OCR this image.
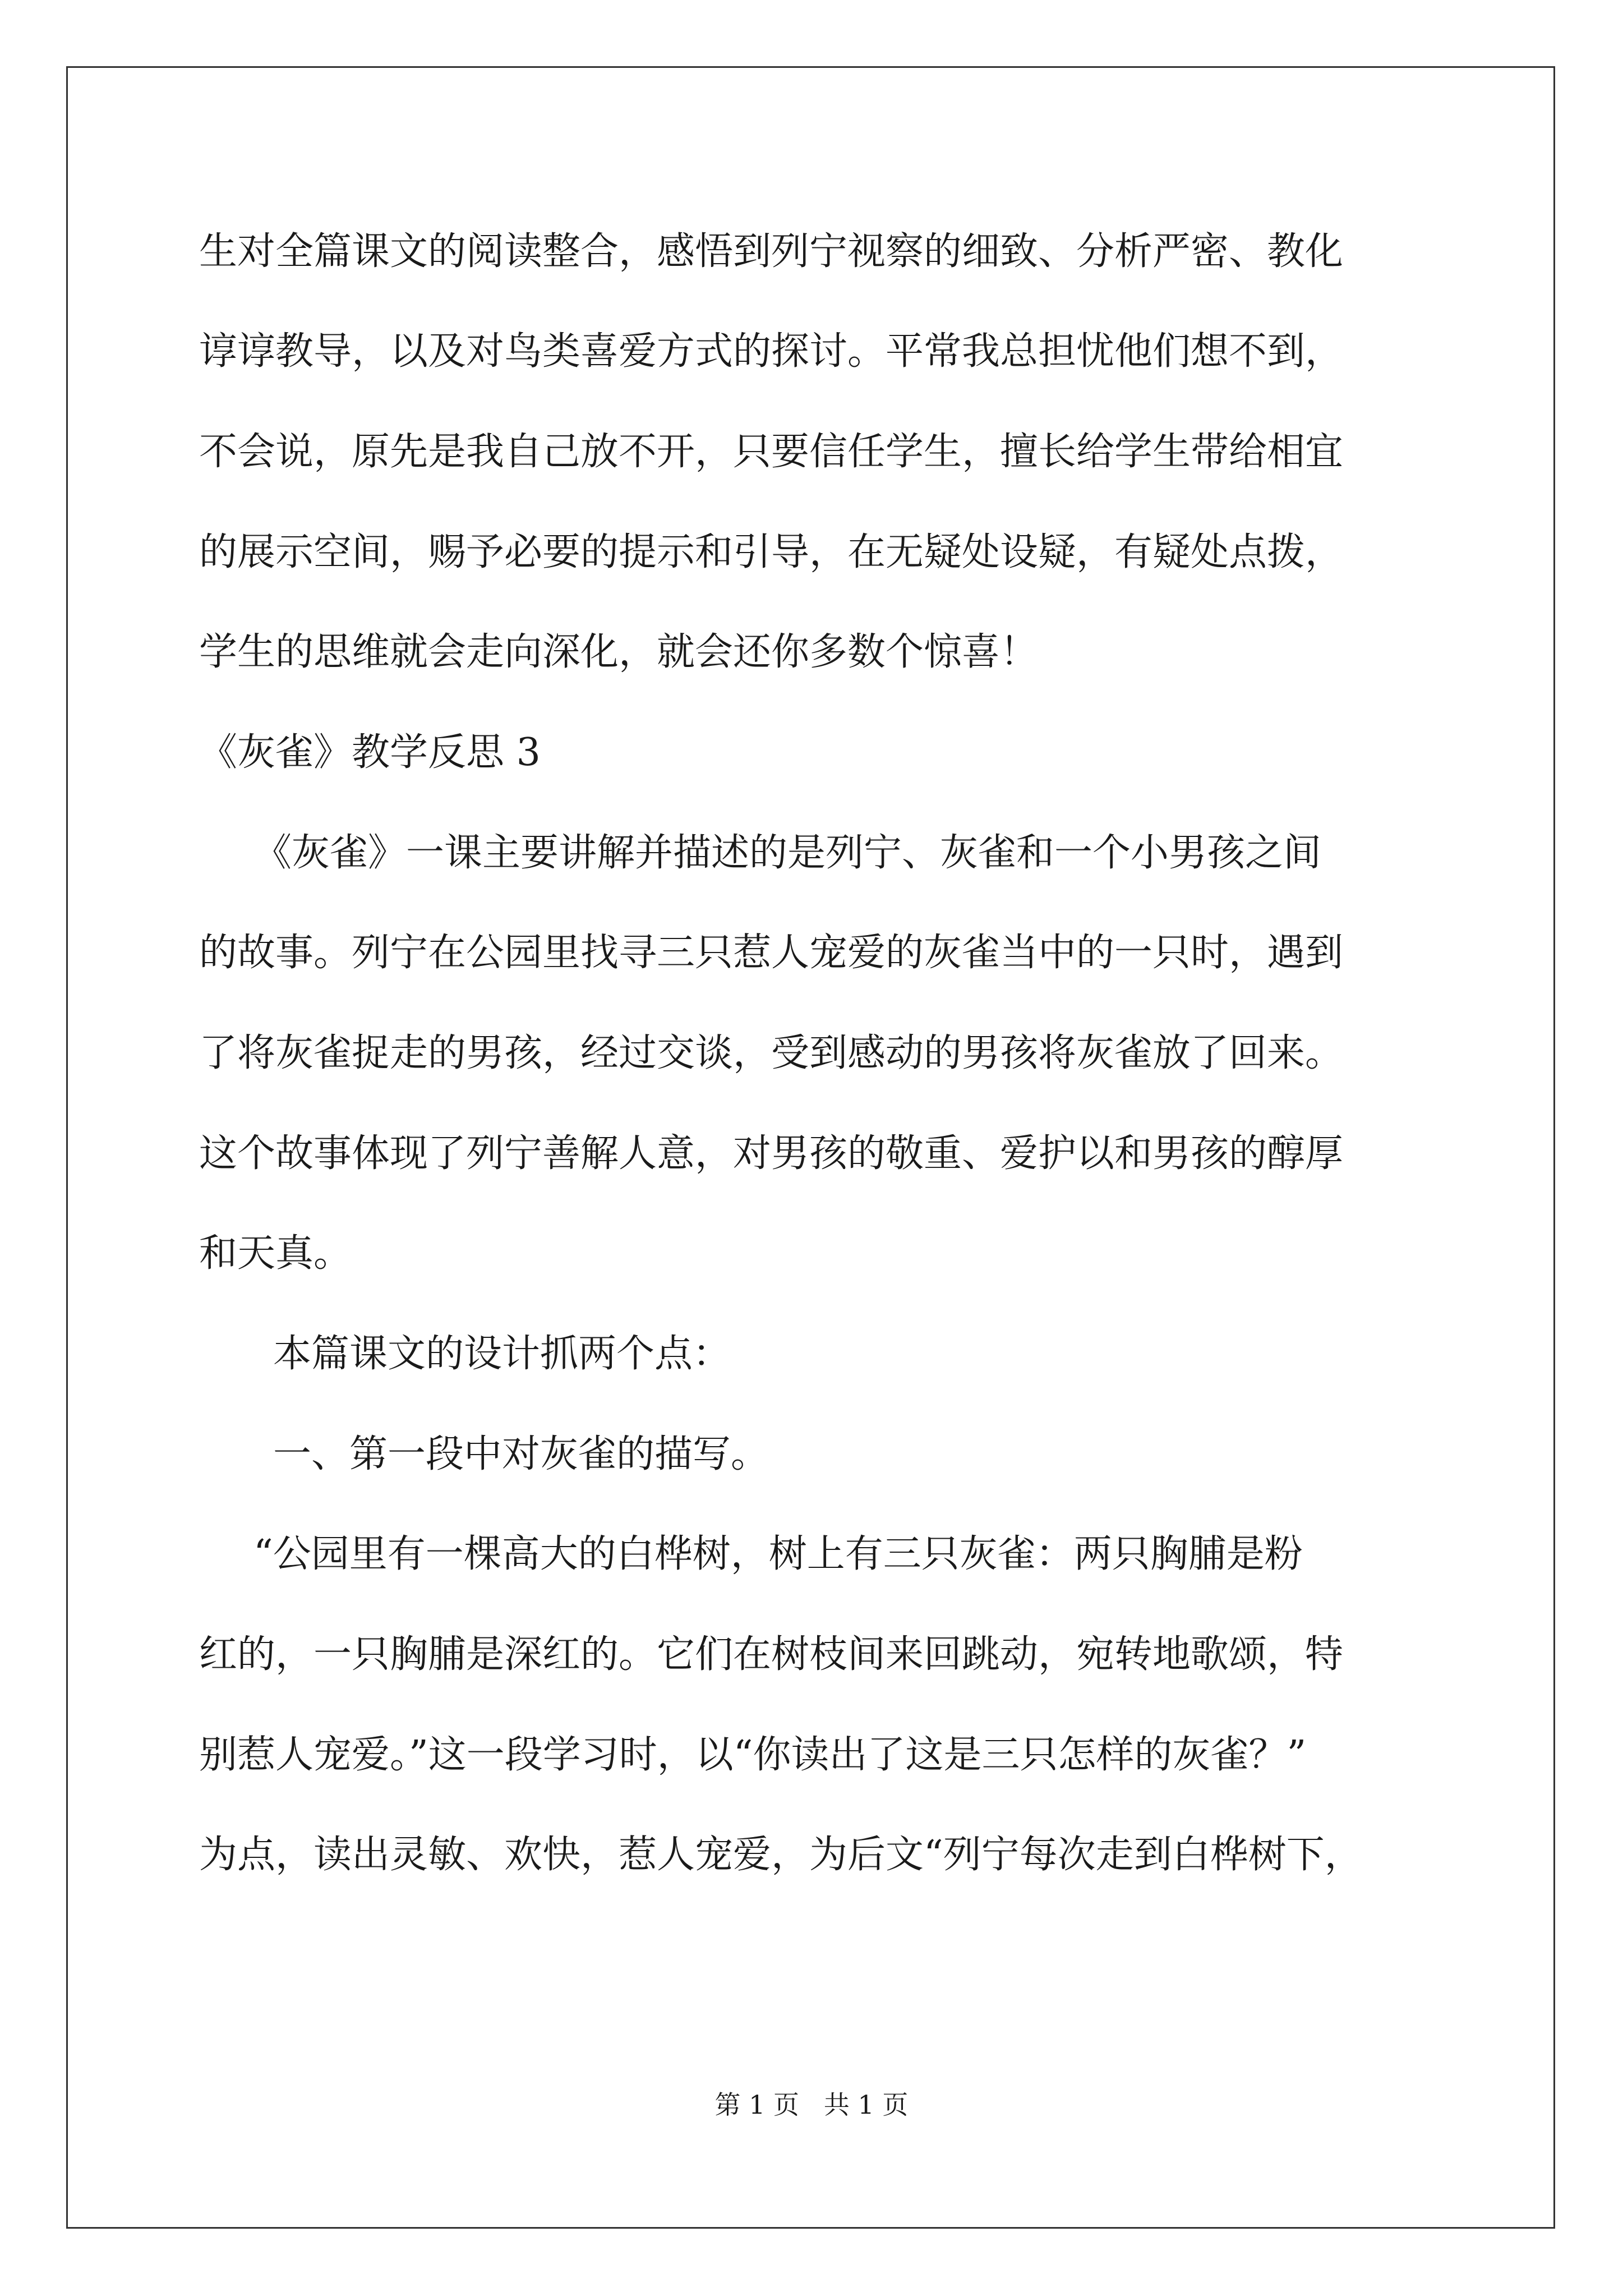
生对全篇课文的阅读整合，感悟到列宁视察的细致、分析严密、教化
谆谆教导，以及对鸟类喜爱方式的探讨。平常我总担忧他们想不到，
不会说，原先是我自己放不开，只要信任学生，擅长给学生带给相宜
的展示空间，赐予必要的提示和引导，在无疑处设疑，有疑处点拨，
学生的思维就会走向深化，就会还你多数个惊喜！
《灰雀》教学反思 3
《灰雀》一课主要讲解并描述的是列宁、灰雀和一个小男孩之间
的故事。列宁在公园里找寻三只惹人宠爱的灰雀当中的一只时，遇到
了将灰雀捉走的男孩，经过交谈，受到感动的男孩将灰雀放了回来。
这个故事体现了列宁善解人意，对男孩的敬重、爱护以和男孩的醇厚
和天真。
本篇课文的设计抓两个点：
一、第一段中对灰雀的描写。
“公园里有一棵高大的白桦树，树上有三只灰雀：两只胸脯是粉
红的，一只胸脯是深红的。它们在树枝间来回跳动，宛转地歌颂，特
别惹人宠爱。”这一段学习时，以“你读出了这是三只怎样的灰雀？”
为点，读出灵敏、欢快，惹人宠爱，为后文“列宁每次走到白桦树下，
第 1 页   共 1 页
